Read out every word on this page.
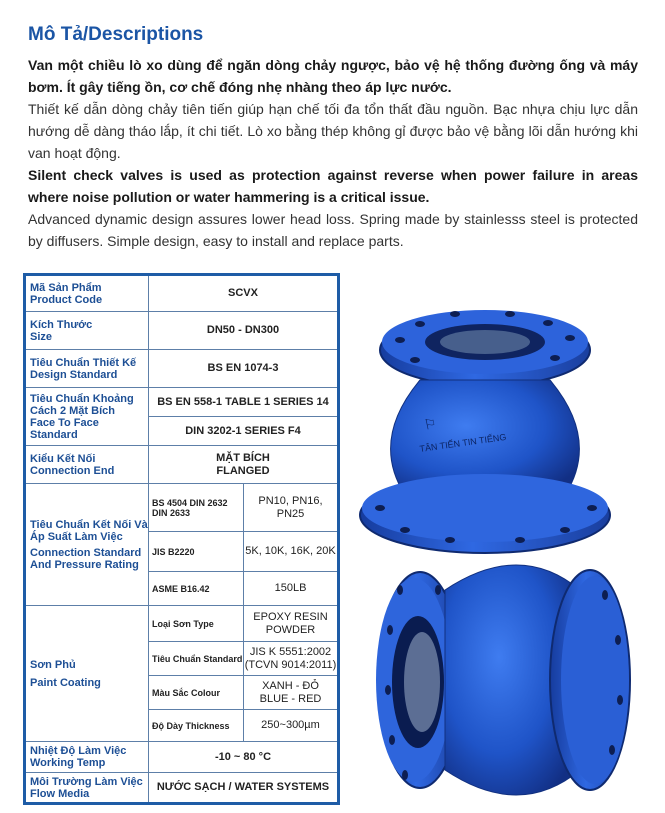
Mô Tả/Descriptions

Van một chiều lò xo dùng để ngăn dòng chảy ngược, bảo vệ hệ thống đường ống và máy bơm. Ít gây tiếng ồn, cơ chế đóng nhẹ nhàng theo áp lực nước.

Thiết kế dẫn dòng chảy tiên tiến giúp hạn chế tối đa tổn thất đầu nguồn. Bạc nhựa chịu lực dẫn hướng dễ dàng tháo lắp, ít chi tiết. Lò xo bằng thép không gỉ được bảo vệ bằng lõi dẫn hướng khi van hoạt động.

Silent check valves is used as protection against reverse when power failure in areas where noise pollution or water hammering is a critical issue.

Advanced dynamic design assures lower head loss. Spring made by stainlesss steel is protected by diffusers. Simple design, easy to install and replace parts.

Mã Sản Phẩm
Product Code	SCVX	

Kích Thước
Size	DN50 - DN300	

Tiêu Chuẩn Thiết Kế
Design Standard	BS EN 1074-3	

Tiêu Chuẩn Khoảng Cách 2 Mặt Bích
Face To Face Standard	BS EN 558-1 TABLE 1 SERIES 14	
	DIN 3202-1 SERIES F4	

Kiểu Kết Nối
Connection End	MẶT BÍCH
FLANGED	

Tiêu Chuẩn Kết Nối Và Áp Suất Làm Việc
Connection Standard And Pressure Rating	BS 4504 DIN 2632 DIN 2633	PN10, PN16, PN25
	JIS B2220	5K, 10K, 16K, 20K
	ASME B16.42	150LB

Sơn Phủ
Paint Coating	Loại Sơn Type	EPOXY RESIN
POWDER

	Tiêu Chuẩn Standard	JIS K 5551:2002
(TCVN 9014:2011)

	Màu Sắc Colour	XANH - ĐỎ
BLUE - RED

	Độ Dày Thickness	250~300µm

Nhiệt Độ Làm Việc
Working Temp	-10 ~ 80 °C	

Môi Trường Làm Việc
Flow Media	NƯỚC SẠCH / WATER SYSTEMS	
⚐
TÂN TIẾN TIN TIẾNG
